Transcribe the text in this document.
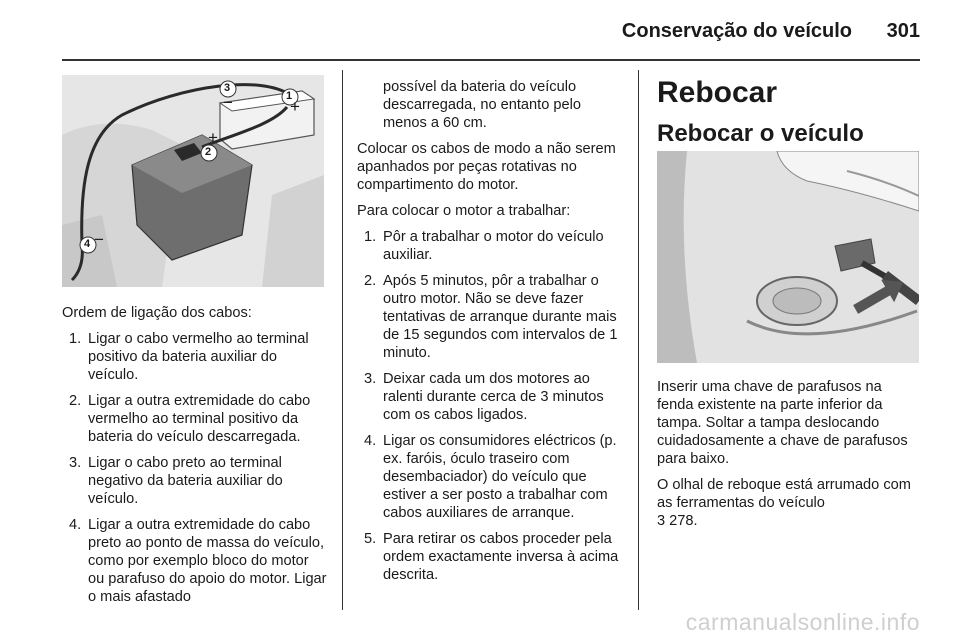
Conservação do veículo 301
1
2
3
4
+
+
−
−

Ordem de ligação dos cabos:

1. Ligar o cabo vermelho ao terminal positivo da bateria auxiliar do veículo.
2. Ligar a outra extremidade do cabo vermelho ao terminal positivo da bateria do veículo descarregada.
3. Ligar o cabo preto ao terminal negativo da bateria auxiliar do veículo.
4. Ligar a outra extremidade do cabo preto ao ponto de massa do veículo, como por exemplo bloco do motor ou parafuso do apoio do motor. Ligar o mais afastado

possível da bateria do veículo descarregada, no entanto pelo menos a 60 cm.

Colocar os cabos de modo a não serem apanhados por peças rotativas no compartimento do motor.

Para colocar o motor a trabalhar:

1. Pôr a trabalhar o motor do veículo auxiliar.
2. Após 5 minutos, pôr a trabalhar o outro motor. Não se deve fazer tentativas de arranque durante mais de 15 segundos com intervalos de 1 minuto.
3. Deixar cada um dos motores ao ralenti durante cerca de 3 minutos com os cabos ligados.
4. Ligar os consumidores eléctricos (p. ex. faróis, óculo traseiro com desembaciador) do veículo que estiver a ser posto a trabalhar com cabos auxiliares de arranque.
5. Para retirar os cabos proceder pela ordem exactamente inversa à acima descrita.
Rebocar
Rebocar o veículo

Inserir uma chave de parafusos na fenda existente na parte inferior da tampa. Soltar a tampa deslocando cuidadosamente a chave de parafusos para baixo.

O olhal de reboque está arrumado com as ferramentas do veículo

3 278.

carmanualsonline.info
